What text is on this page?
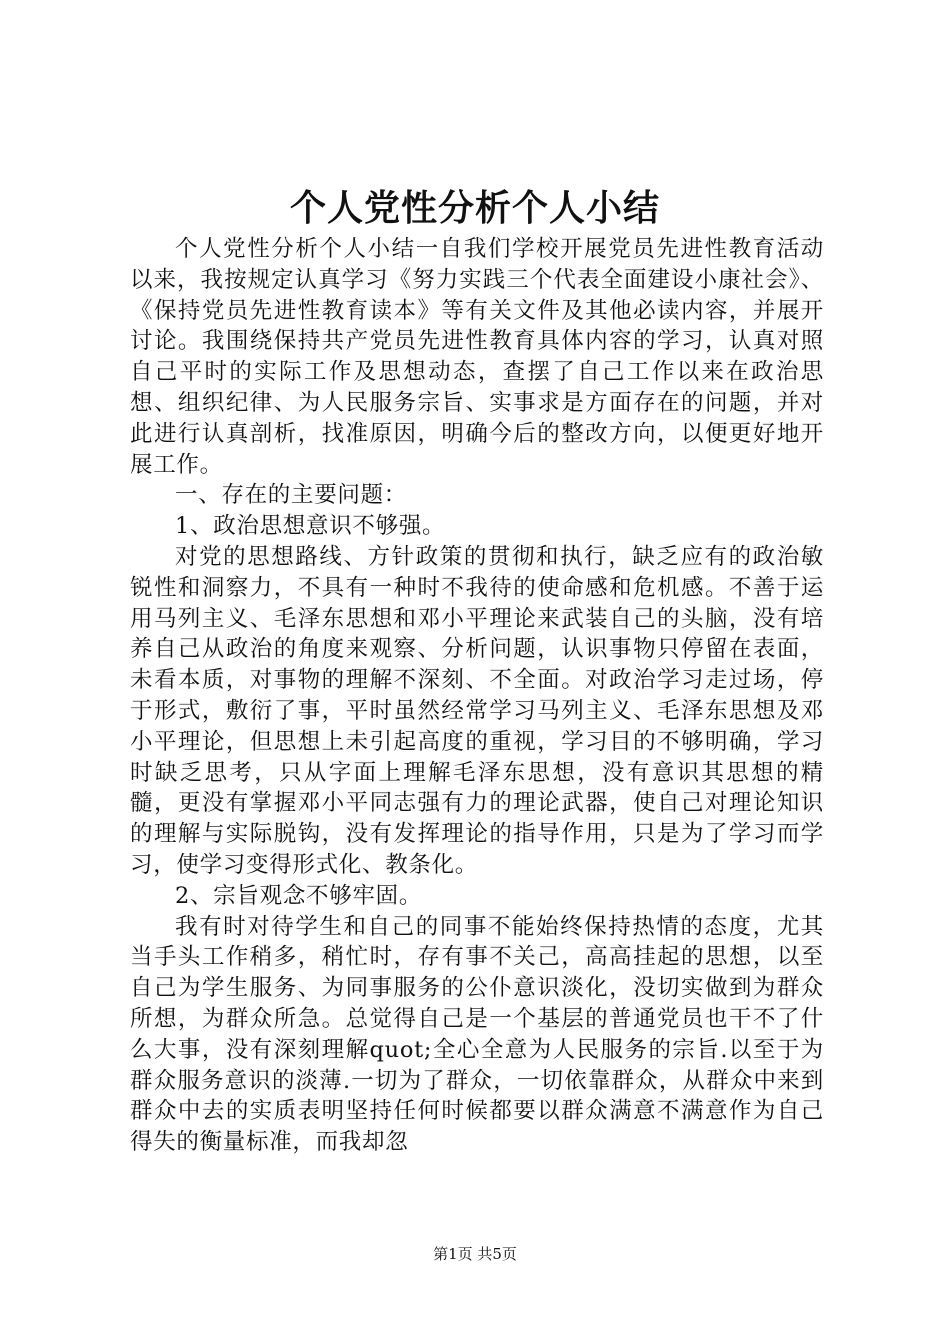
个人党性分析个人小结

个人党性分析个人小结一自我们学校开展党员先进性教育活动以来，我按规定认真学习《努力实践三个代表全面建设小康社会》、《保持党员先进性教育读本》等有关文件及其他必读内容，并展开讨论。我围绕保持共产党员先进性教育具体内容的学习，认真对照自己平时的实际工作及思想动态，查摆了自己工作以来在政治思想、组织纪律、为人民服务宗旨、实事求是方面存在的问题，并对此进行认真剖析，找准原因，明确今后的整改方向，以便更好地开展工作。

一、存在的主要问题：

1、政治思想意识不够强。

对党的思想路线、方针政策的贯彻和执行，缺乏应有的政治敏锐性和洞察力，不具有一种时不我待的使命感和危机感。不善于运用马列主义、毛泽东思想和邓小平理论来武装自己的头脑，没有培养自己从政治的角度来观察、分析问题，认识事物只停留在表面，未看本质，对事物的理解不深刻、不全面。对政治学习走过场，停于形式，敷衍了事，平时虽然经常学习马列主义、毛泽东思想及邓小平理论，但思想上未引起高度的重视，学习目的不够明确，学习时缺乏思考，只从字面上理解毛泽东思想，没有意识其思想的精髓，更没有掌握邓小平同志强有力的理论武器，使自己对理论知识的理解与实际脱钩，没有发挥理论的指导作用，只是为了学习而学习，使学习变得形式化、教条化。

2、宗旨观念不够牢固。

我有时对待学生和自己的同事不能始终保持热情的态度，尤其当手头工作稍多，稍忙时，存有事不关己，高高挂起的思想，以至自己为学生服务、为同事服务的公仆意识淡化，没切实做到为群众所想，为群众所急。总觉得自己是一个基层的普通党员也干不了什么大事，没有深刻理解quot;全心全意为人民服务的宗旨.以至于为群众服务意识的淡薄.一切为了群众，一切依靠群众，从群众中来到群众中去的实质表明坚持任何时候都要以群众满意不满意作为自己得失的衡量标准，而我却忽

第1页 共5页
